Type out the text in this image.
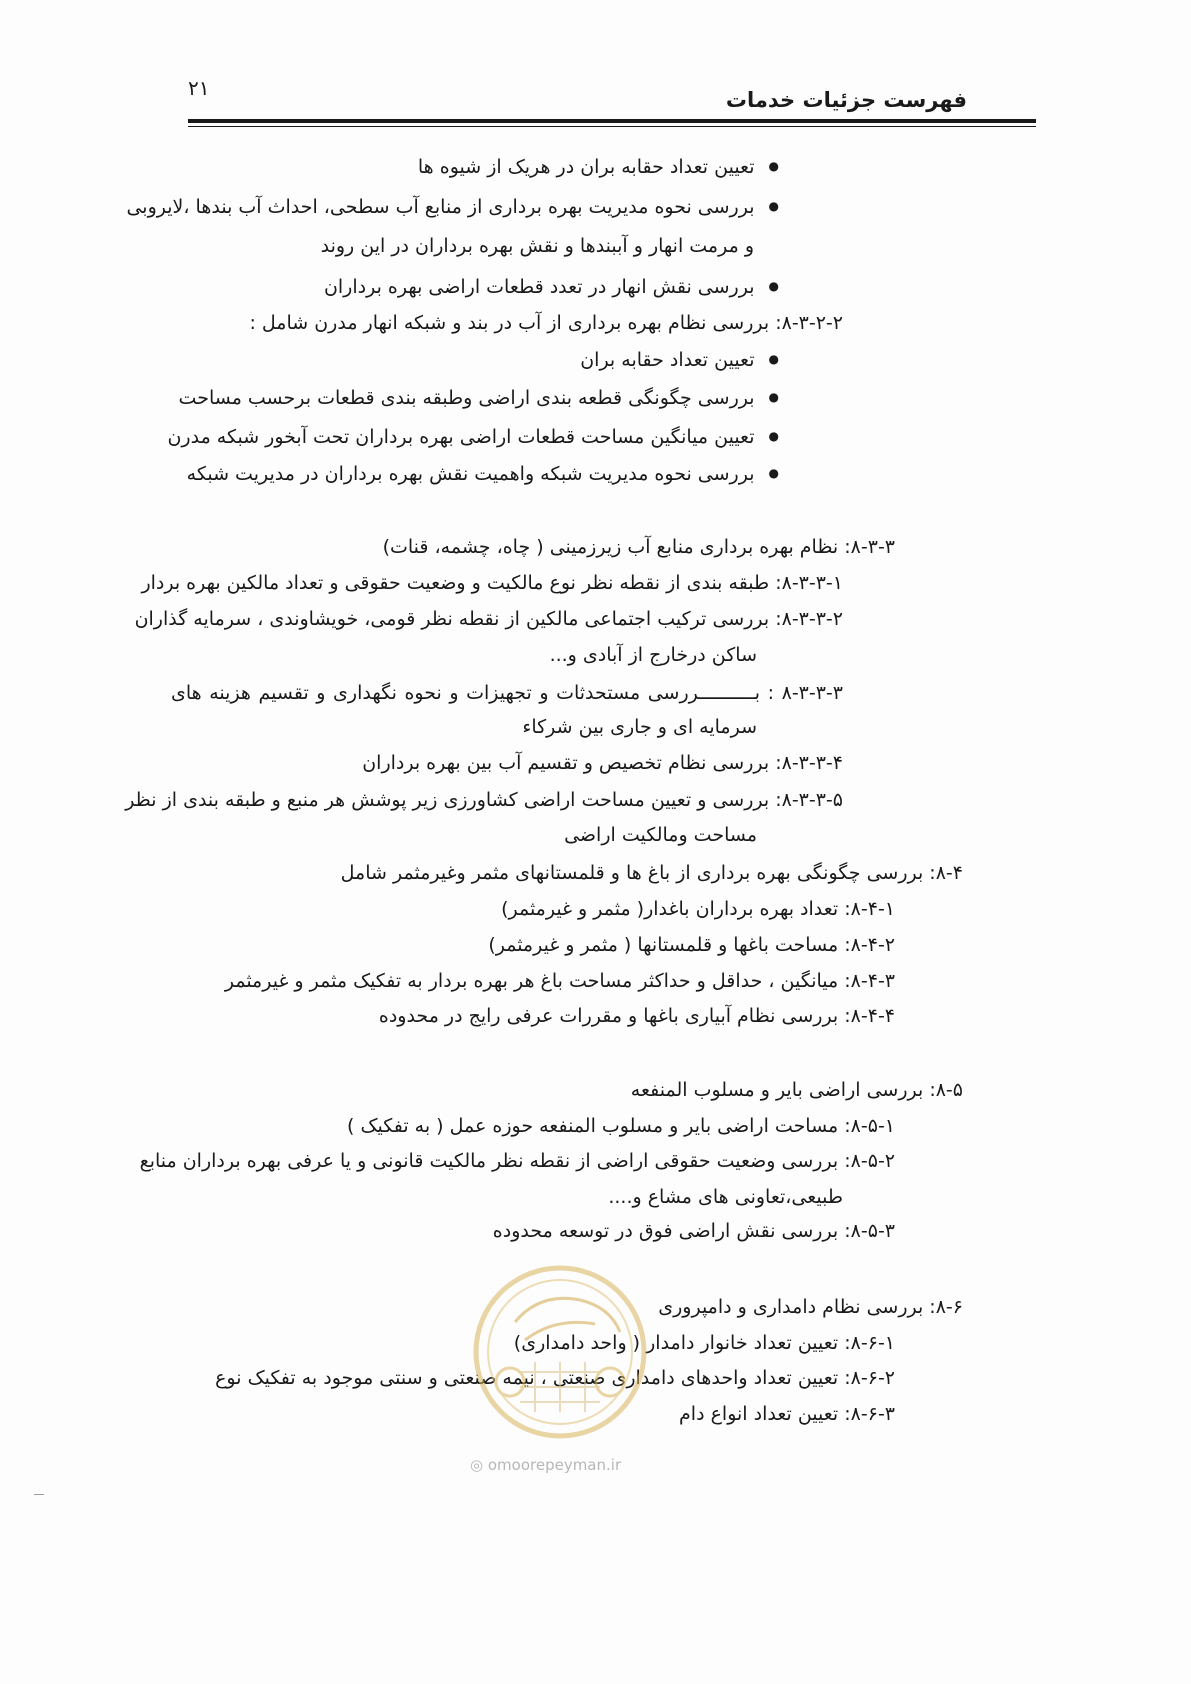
۲۱	فهرست جزئیات خدمات
● تعیین تعداد حقابه بران در هریک از شیوه ها
● بررسی نحوه مدیریت بهره برداری از منابع آب سطحی، احداث آب بندها ،لایروبی
و مرمت انهار و آببندها و نقش بهره برداران در این روند
● بررسی نقش انهار در تعدد قطعات اراضی بهره برداران
۸-۳-۲-۲: بررسی نظام بهره برداری از آب در بند و شبکه انهار مدرن شامل :
● تعیین تعداد حقابه بران
● بررسی چگونگی قطعه بندی اراضی وطبقه بندی قطعات برحسب مساحت
● تعیین میانگین مساحت قطعات اراضی بهره برداران تحت آبخور شبکه مدرن
● بررسی نحوه مدیریت شبکه واهمیت نقش بهره برداران در مدیریت شبکه
۸-۳-۳: نظام بهره برداری منابع آب زیرزمینی ( چاه، چشمه، قنات)
۸-۳-۳-۱: طبقه بندی از نقطه نظر نوع مالکیت و وضعیت حقوقی و تعداد مالکین بهره بردار
۸-۳-۳-۲: بررسی ترکیب اجتماعی مالکین از نقطه نظر قومی، خویشاوندی ، سرمایه گذاران
ساکن درخارج از آبادی و...
۸-۳-۳-۳ : بــــــــــررسی مستحدثات و تجهیزات و نحوه نگهداری و تقسیم هزینه های
سرمایه ای و جاری بین شرکاء
۸-۳-۳-۴: بررسی نظام تخصیص و تقسیم آب بین بهره برداران
۸-۳-۳-۵: بررسی و تعیین مساحت اراضی کشاورزی زیر پوشش هر منبع و طبقه بندی از نظر
مساحت ومالکیت اراضی
۸-۴: بررسی چگونگی بهره برداری از باغ ها و قلمستانهای مثمر وغیرمثمر شامل
۸-۴-۱: تعداد بهره برداران باغدار( مثمر و غیرمثمر)
۸-۴-۲: مساحت باغها و قلمستانها ( مثمر و غیرمثمر)
۸-۴-۳: میانگین ، حداقل و حداکثر مساحت باغ هر بهره بردار به تفکیک مثمر و غیرمثمر
۸-۴-۴: بررسی نظام آبیاری باغها و مقررات عرفی رایج در محدوده
۸-۵: بررسی اراضی بایر و مسلوب المنفعه
۸-۵-۱: مساحت اراضی بایر و مسلوب المنفعه حوزه عمل ( به تفکیک )
۸-۵-۲: بررسی وضعیت حقوقی اراضی از نقطه نظر مالکیت قانونی و یا عرفی بهره برداران منابع
طبیعی،تعاونی های مشاع و....
۸-۵-۳: بررسی نقش اراضی فوق در توسعه محدوده
۸-۶: بررسی نظام دامداری و دامپروری
۸-۶-۱: تعیین تعداد خانوار دامدار ( واحد دامداری)
۸-۶-۲: تعیین تعداد واحدهای دامداری صنعتی ، نیمه صنعتی و سنتی موجود به تفکیک نوع
۸-۶-۳: تعیین تعداد انواع دام
◎ omoorepeyman.ir
